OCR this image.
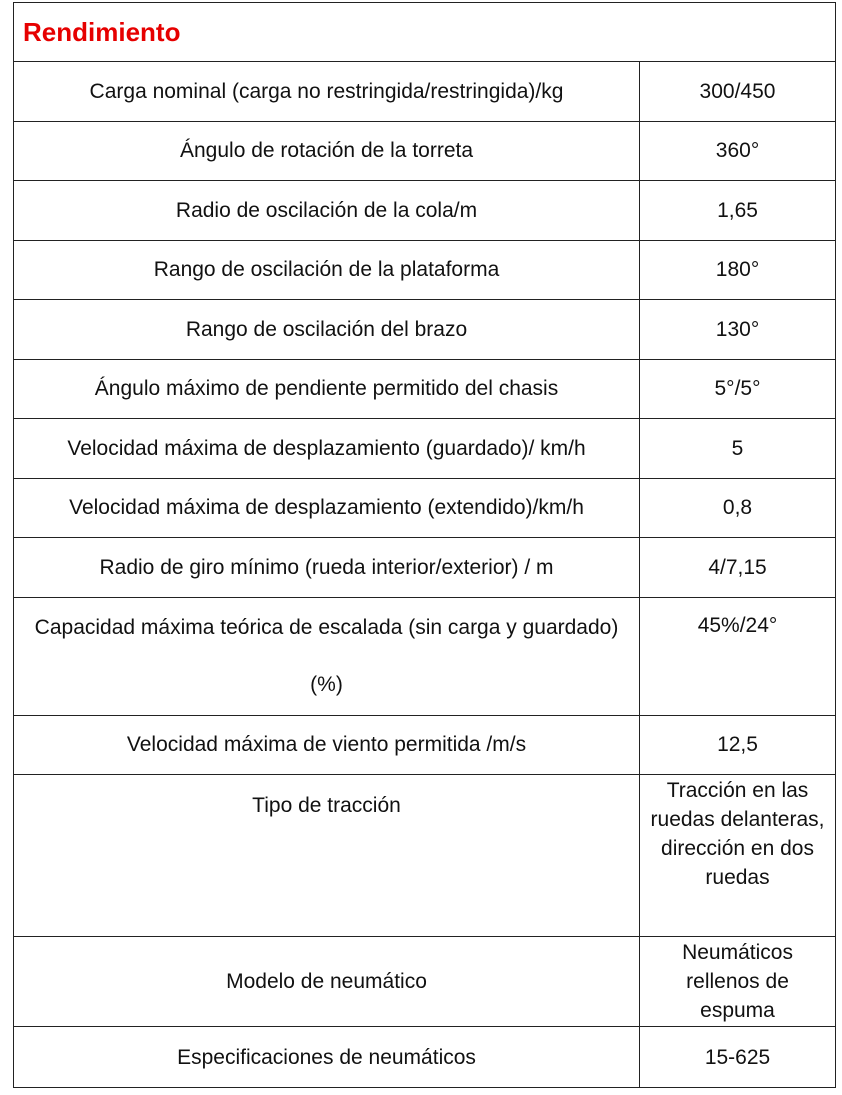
Rendimiento	
Carga nominal (carga no restringida/restringida)/kg	300/450
Ángulo de rotación de la torreta	360°
Radio de oscilación de la cola/m	1,65
Rango de oscilación de la plataforma	180°
Rango de oscilación del brazo	130°
Ángulo máximo de pendiente permitido del chasis	5°/5°
Velocidad máxima de desplazamiento (guardado)/ km/h	5
Velocidad máxima de desplazamiento (extendido)/km/h	0,8
Radio de giro mínimo (rueda interior/exterior) / m	4/7,15
Capacidad máxima teórica de escalada (sin carga y guardado)(%)	45%/24°
Velocidad máxima de viento permitida /m/s	12,5
Tipo de tracción	Tracción en las ruedas delanteras, dirección en dos ruedas
Modelo de neumático	Neumáticos rellenos de espuma
Especificaciones de neumáticos	15-625
